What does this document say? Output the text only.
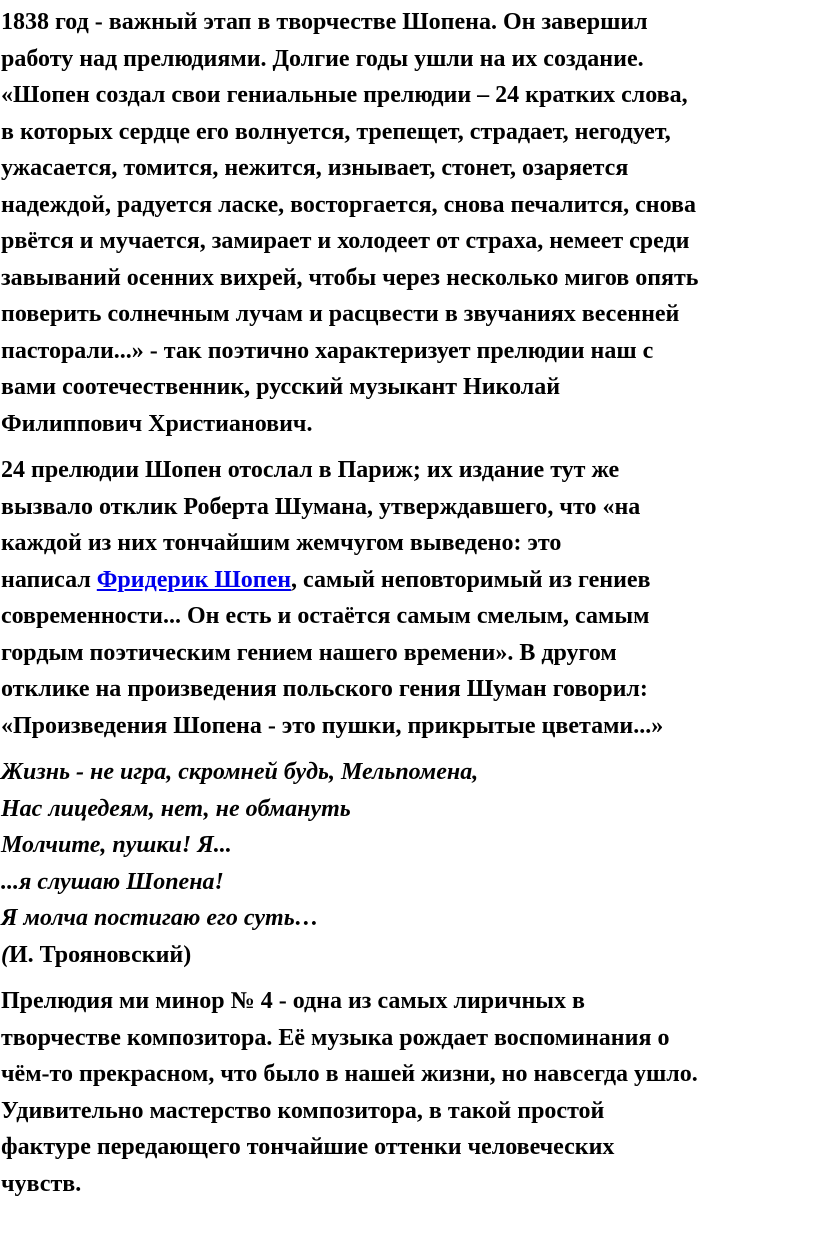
1838 год - важный этап в творчестве Шопена. Он завершил
работу над прелюдиями. Долгие годы ушли на их создание.
«Шопен создал свои гениальные прелюдии – 24 кратких слова,
в которых сердце его волнуется, трепещет, страдает, негодует,
ужасается, томится, нежится, изнывает, стонет, озаряется
надеждой, радуется ласке, восторгается, снова печалится, снова
рвётся и мучается, замирает и холодеет от страха, немеет среди
завываний осенних вихрей, чтобы через несколько мигов опять
поверить солнечным лучам и расцвести в звучаниях весенней
пасторали...» - так поэтично характеризует прелюдии наш с
вами соотечественник, русский музыкант Николай
Филиппович Христианович.

24 прелюдии Шопен отослал в Париж; их издание тут же
вызвало отклик Роберта Шумана, утверждавшего, что «на
каждой из них тончайшим жемчугом выведено: это
написал Фридерик Шопен, самый неповторимый из гениев
современности... Он есть и остаётся самым смелым, самым
гордым поэтическим гением нашего времени». В другом
отклике на произведения польского гения Шуман говорил:
«Произведения Шопена - это пушки, прикрытые цветами...»

Жизнь - не игра, скромней будь, Мельпомена,
Нас лицедеям, нет, не обмануть
Молчите, пушки! Я...
...я слушаю Шопена!
Я молча постигаю его суть…
(И. Трояновский)

Прелюдия ми минор № 4 - одна из самых лиричных в
творчестве композитора. Её музыка рождает воспоминания о
чём-то прекрасном, что было в нашей жизни, но навсегда ушло.
Удивительно мастерство композитора, в такой простой
фактуре передающего тончайшие оттенки человеческих
чувств.
